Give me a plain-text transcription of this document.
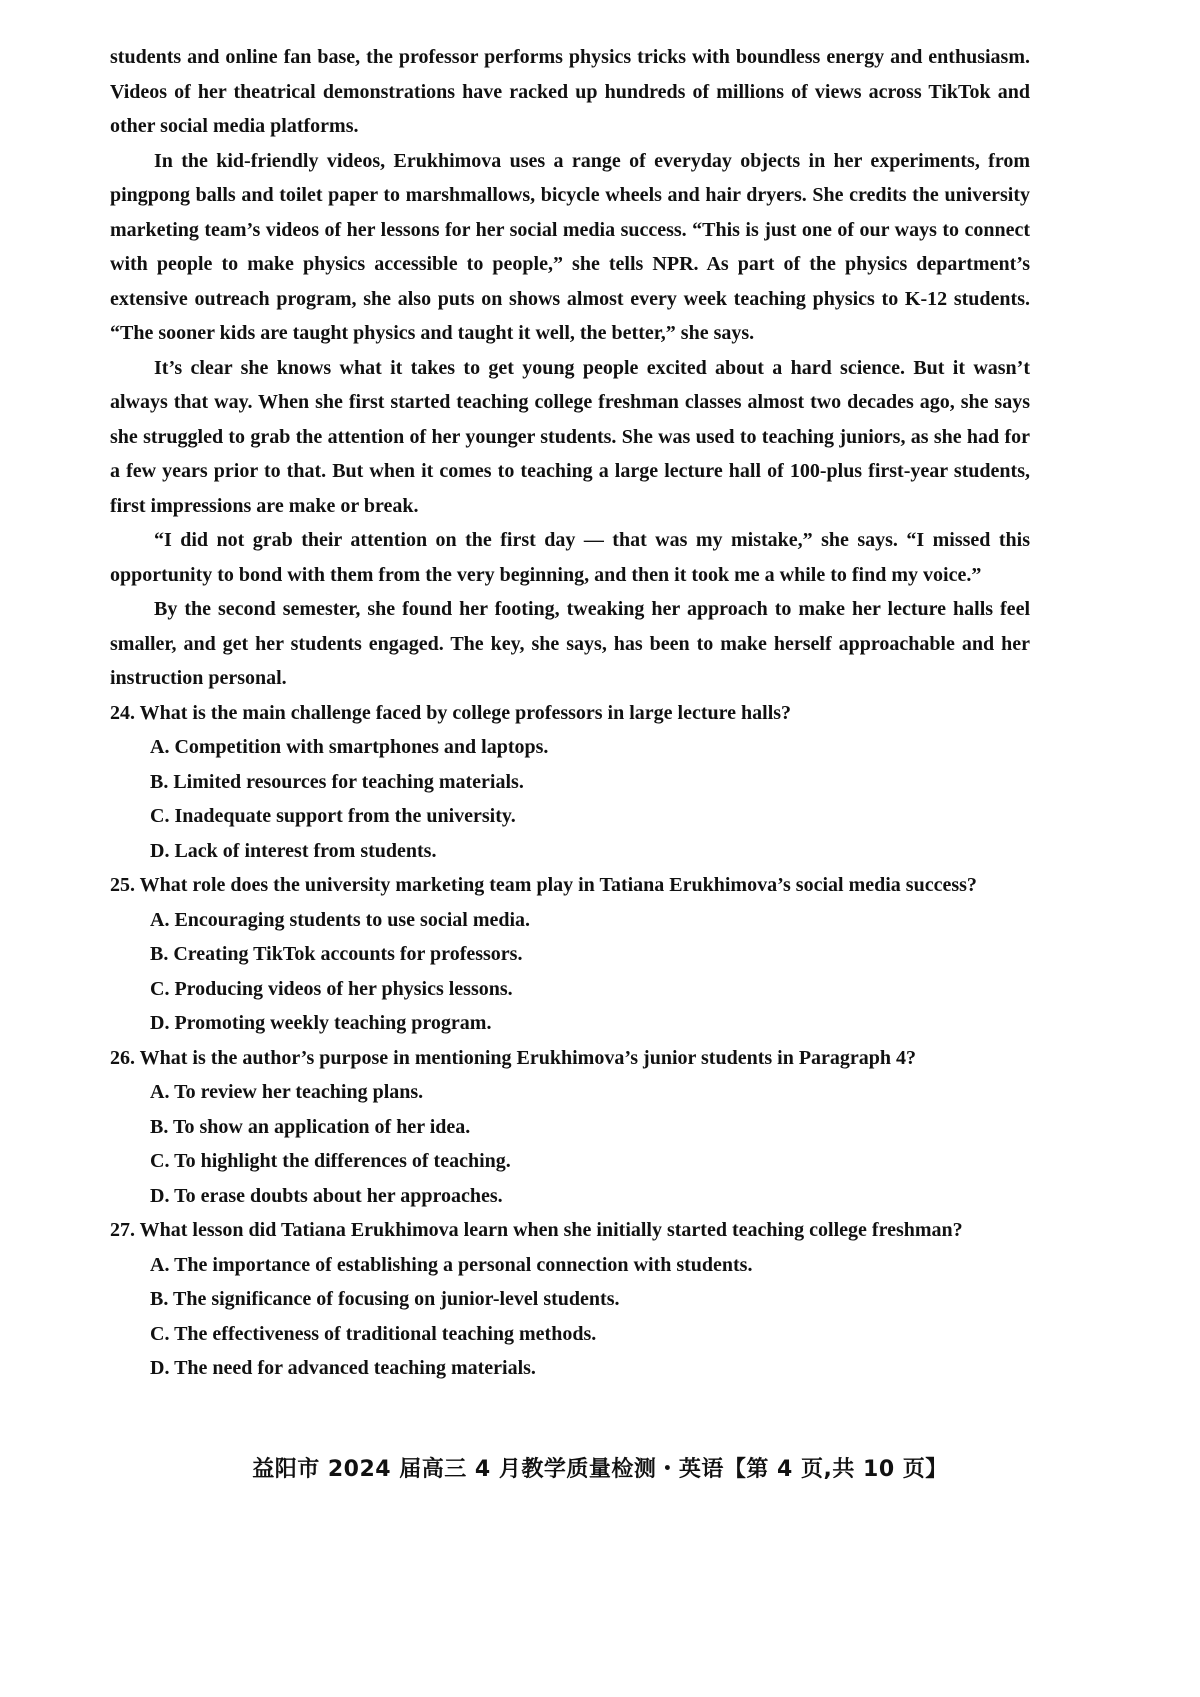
students and online fan base, the professor performs physics tricks with boundless energy and enthusiasm. Videos of her theatrical demonstrations have racked up hundreds of millions of views across TikTok and other social media platforms.

In the kid-friendly videos, Erukhimova uses a range of everyday objects in her experiments, from pingpong balls and toilet paper to marshmallows, bicycle wheels and hair dryers. She credits the university marketing team’s videos of her lessons for her social media success. “This is just one of our ways to connect with people to make physics accessible to people,” she tells NPR. As part of the physics department’s extensive outreach program, she also puts on shows almost every week teaching physics to K-12 students. “The sooner kids are taught physics and taught it well, the better,” she says.

It’s clear she knows what it takes to get young people excited about a hard science. But it wasn’t always that way. When she first started teaching college freshman classes almost two decades ago, she says she struggled to grab the attention of her younger students. She was used to teaching juniors, as she had for a few years prior to that. But when it comes to teaching a large lecture hall of 100-plus first-year students, first impressions are make or break.

“I did not grab their attention on the first day — that was my mistake,” she says. “I missed this opportunity to bond with them from the very beginning, and then it took me a while to find my voice.”

By the second semester, she found her footing, tweaking her approach to make her lecture halls feel smaller, and get her students engaged. The key, she says, has been to make herself approachable and her instruction personal.

24. What is the main challenge faced by college professors in large lecture halls?

A. Competition with smartphones and laptops.

B. Limited resources for teaching materials.

C. Inadequate support from the university.

D. Lack of interest from students.

25. What role does the university marketing team play in Tatiana Erukhimova’s social media success?

A. Encouraging students to use social media.

B. Creating TikTok accounts for professors.

C. Producing videos of her physics lessons.

D. Promoting weekly teaching program.

26. What is the author’s purpose in mentioning Erukhimova’s junior students in Paragraph 4?

A. To review her teaching plans.

B. To show an application of her idea.

C. To highlight the differences of teaching.

D. To erase doubts about her approaches.

27. What lesson did Tatiana Erukhimova learn when she initially started teaching college freshman?

A. The importance of establishing a personal connection with students.

B. The significance of focusing on junior-level students.

C. The effectiveness of traditional teaching methods.

D. The need for advanced teaching materials.

益阳市 2024 届高三 4 月教学质量检测・英语【第 4 页,共 10 页】
